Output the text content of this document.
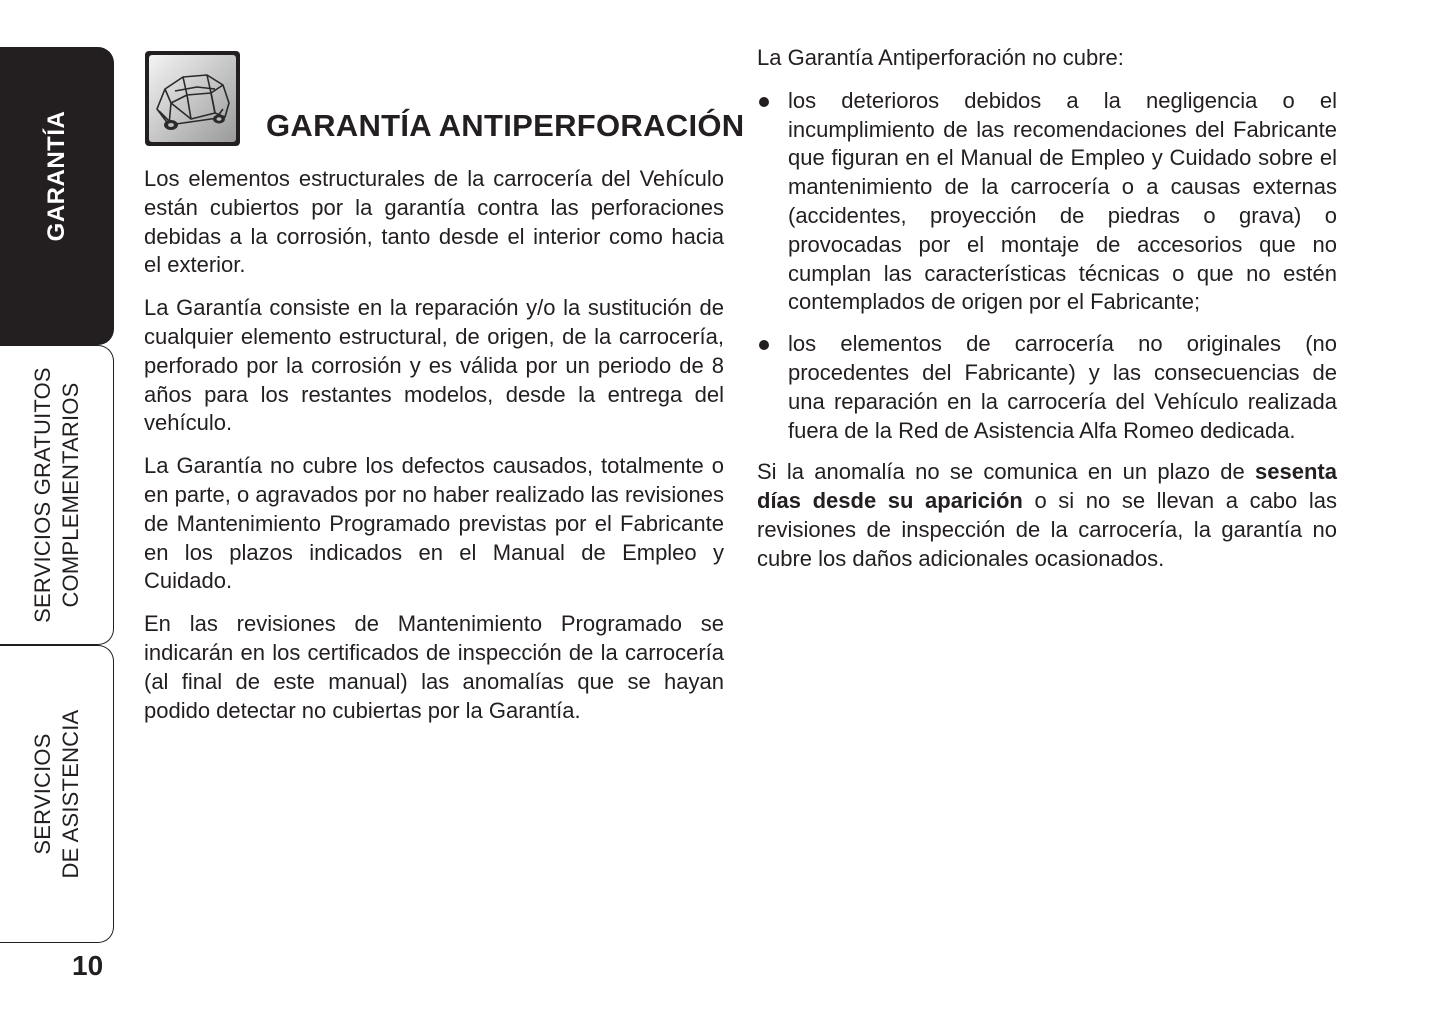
GARANTÍA
SERVICIOS GRATUITOS COMPLEMENTARIOS
SERVICIOS DE ASISTENCIA
10
GARANTÍA ANTIPERFORACIÓN

Los elementos estructurales de la carrocería del Vehículo están cubiertos por la garantía contra las perforaciones debidas a la corrosión, tanto desde el interior como hacia el exterior.

La Garantía consiste en la reparación y/o la sustitución de cualquier elemento estructural, de origen, de la carrocería, perforado por la corrosión y es válida por un periodo de 8 años para los restantes modelos, desde la entrega del vehículo.

La Garantía no cubre los defectos causados, totalmente o en parte, o agravados por no haber realizado las revisiones de Mantenimiento Programado previstas por el Fabricante en los plazos indicados en el Manual de Empleo y Cuidado.

En las revisiones de Mantenimiento Programado se indicarán en los certificados de inspección de la carrocería (al final de este manual) las anomalías que se hayan podido detectar no cubiertas por la Garantía.

La Garantía Antiperforación no cubre:

los deterioros debidos a la negligencia o el incumplimiento de las recomendaciones del Fabricante que figuran en el Manual de Empleo y Cuidado sobre el mantenimiento de la carrocería o a causas externas (accidentes, proyección de piedras o grava) o provocadas por el montaje de accesorios que no cumplan las características técnicas o que no estén contemplados de origen por el Fabricante;
los elementos de carrocería no originales (no procedentes del Fabricante) y las consecuencias de una reparación en la carrocería del Vehículo realizada fuera de la Red de Asistencia Alfa Romeo dedicada.

Si la anomalía no se comunica en un plazo de sesenta días desde su aparición o si no se llevan a cabo las revisiones de inspección de la carrocería, la garantía no cubre los daños adicionales ocasionados.
